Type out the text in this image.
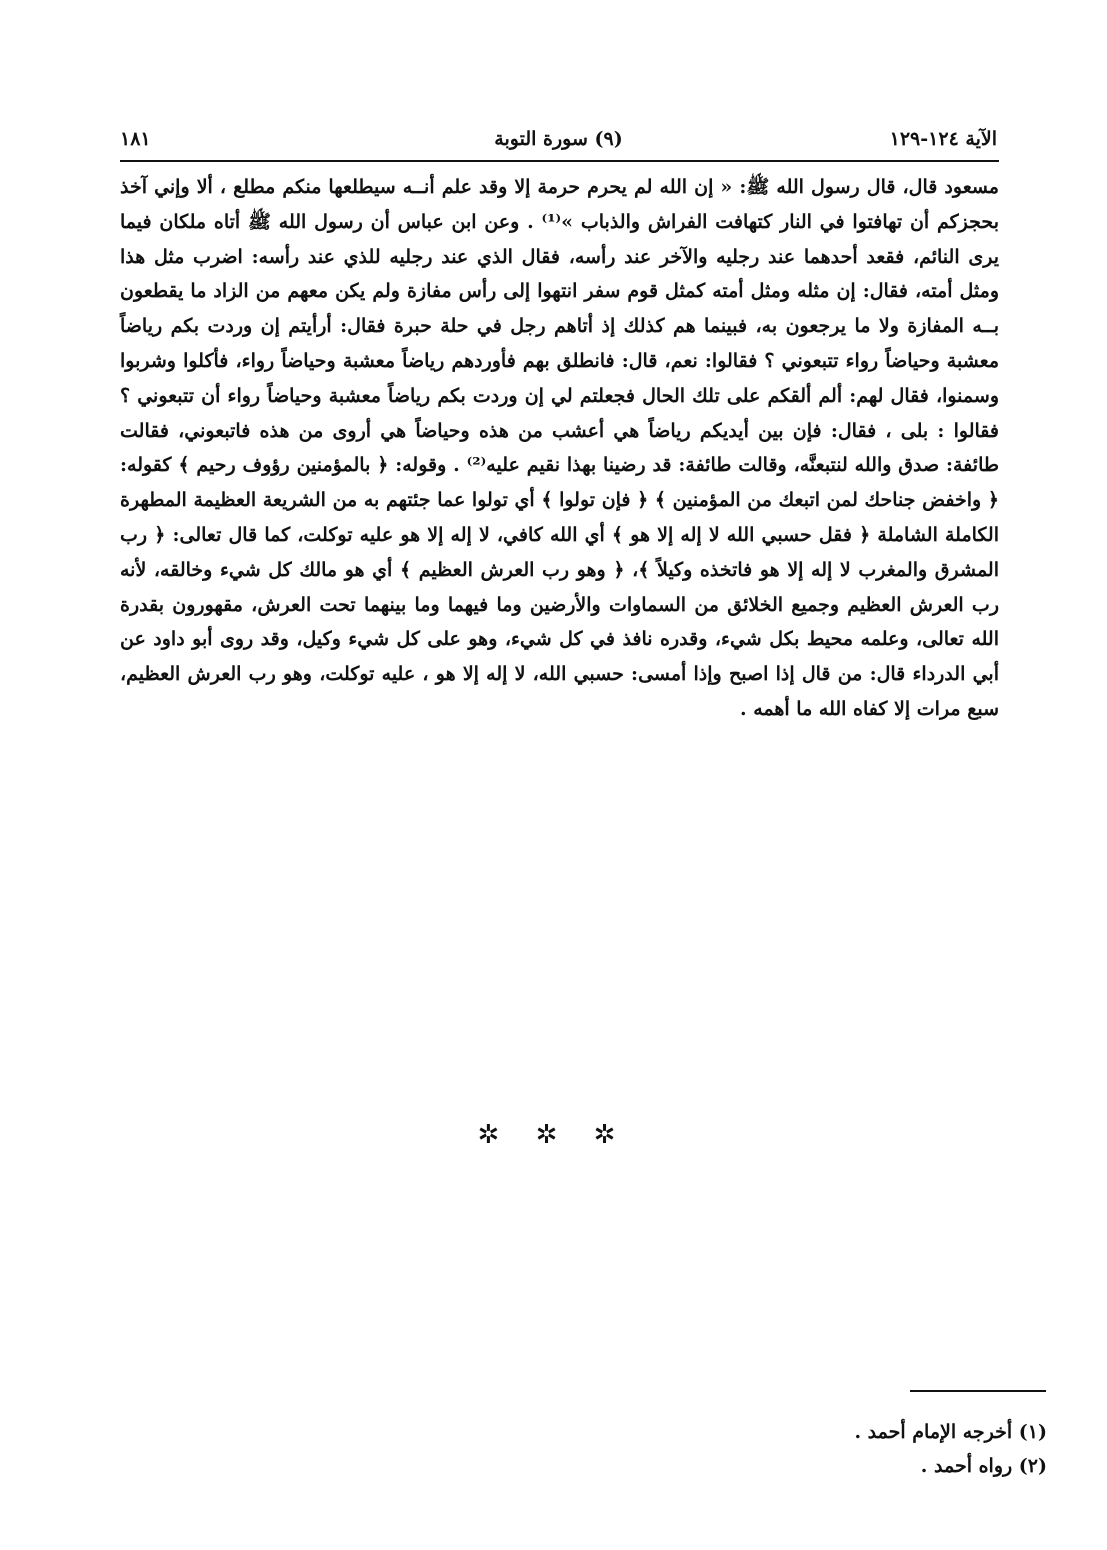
١٨١	(٩) سورة التوبة	الآية ١٢٤-١٢٩

مسعود قال، قال رسول الله ﷺ: « إن الله لم يحرم حرمة إلا وقد علم أنــه سيطلعها منكم مطلع ، ألا وإني آخذ بحجزكم أن تهافتوا في النار كتهافت الفراش والذباب »⁽¹⁾ . وعن ابن عباس أن رسول الله ﷺ أتاه ملكان فيما يرى النائم، فقعد أحدهما عند رجليه والآخر عند رأسه، فقال الذي عند رجليه للذي عند رأسه: اضرب مثل هذا ومثل أمته، فقال: إن مثله ومثل أمته كمثل قوم سفر انتهوا إلى رأس مفازة ولم يكن معهم من الزاد ما يقطعون بــه المفازة ولا ما يرجعون به، فبينما هم كذلك إذ أتاهم رجل في حلة حبرة فقال: أرأيتم إن وردت بكم رياضاً معشبة وحياضاً رواء تتبعوني ؟ فقالوا: نعم، قال: فانطلق بهم فأوردهم رياضاً معشبة وحياضاً رواء، فأكلوا وشربوا وسمنوا، فقال لهم: ألم ألقكم على تلك الحال فجعلتم لي إن وردت بكم رياضاً معشبة وحياضاً رواء أن تتبعوني ؟ فقالوا : بلى ، فقال: فإن بين أيديكم رياضاً هي أعشب من هذه وحياضاً هي أروى من هذه فاتبعوني، فقالت طائفة: صدق والله لنتبعنَّه، وقالت طائفة: قد رضينا بهذا نقيم عليه⁽²⁾ . وقوله: ﴿ بالمؤمنين رؤوف رحيم ﴾ كقوله: ﴿ واخفض جناحك لمن اتبعك من المؤمنين ﴾ ﴿ فإن تولوا ﴾ أي تولوا عما جئتهم به من الشريعة العظيمة المطهرة الكاملة الشاملة ﴿ فقل حسبي الله لا إله إلا هو ﴾ أي الله كافي، لا إله إلا هو عليه توكلت، كما قال تعالى: ﴿ رب المشرق والمغرب لا إله إلا هو فاتخذه وكيلاً ﴾، ﴿ وهو رب العرش العظيم ﴾ أي هو مالك كل شيء وخالقه، لأنه رب العرش العظيم وجميع الخلائق من السماوات والأرضين وما فيهما وما بينهما تحت العرش، مقهورون بقدرة الله تعالى، وعلمه محيط بكل شيء، وقدره نافذ في كل شيء، وهو على كل شيء وكيل، وقد روى أبو داود عن أبي الدرداء قال: من قال إذا اصبح وإذا أمسى: حسبي الله، لا إله إلا هو ، عليه توكلت، وهو رب العرش العظيم، سبع مرات إلا كفاه الله ما أهمه .

✲ ✲ ✲
(١) أخرجه الإمام أحمد .
(٢) رواه أحمد .
